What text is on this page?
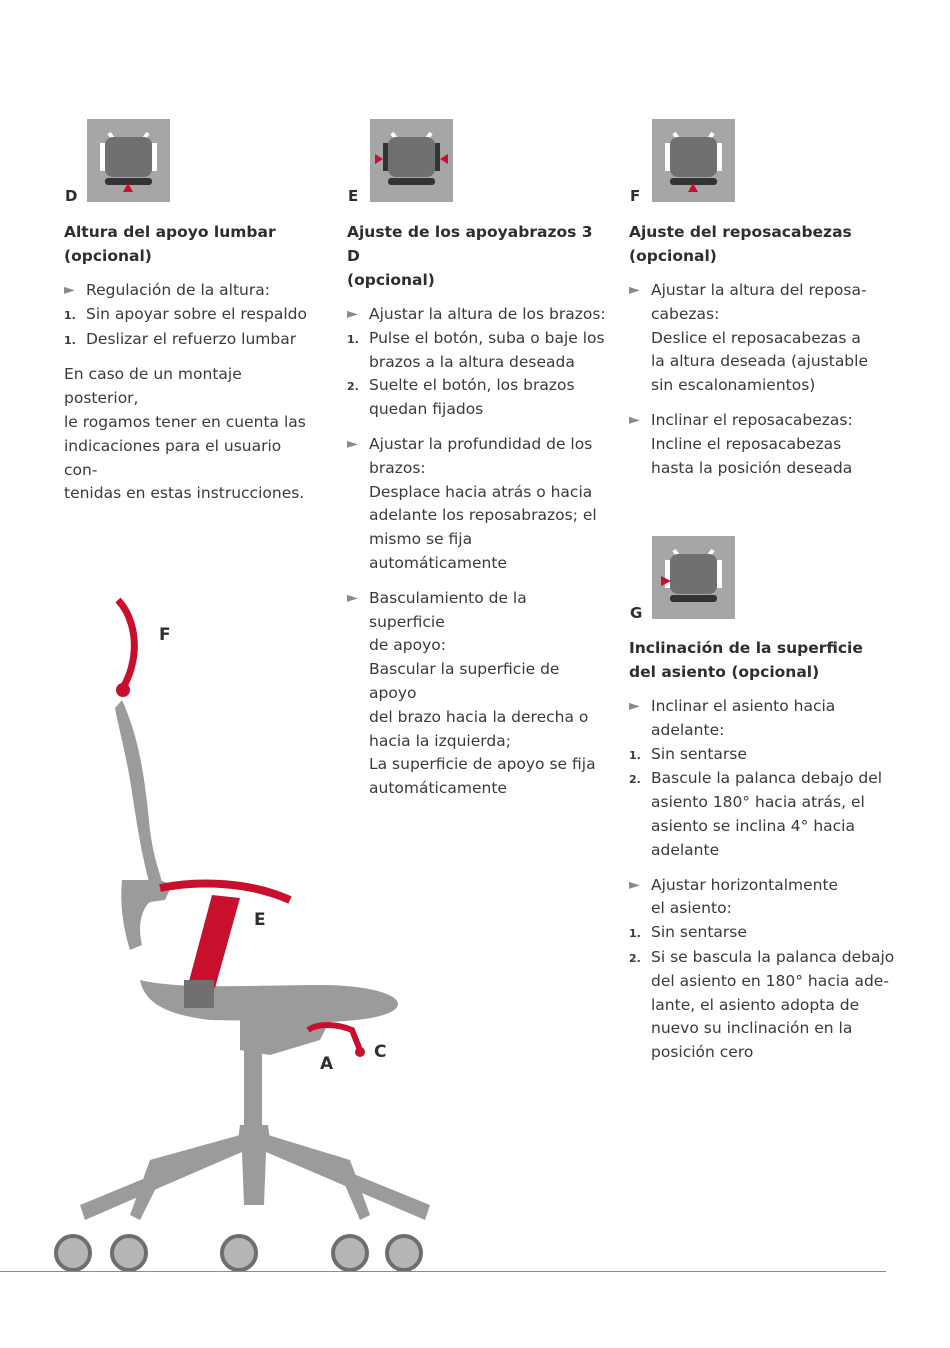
D
Altura del apoyo lumbar
(opcional)
► Regulación de la altura:
1. Sin apoyar sobre el respaldo
1. Deslizar el refuerzo lumbar
En caso de un montaje posterior,
le rogamos tener en cuenta las
indicaciones para el usuario con-
tenidas en estas instrucciones.
E
Ajuste de los apoyabrazos 3 D
(opcional)
► Ajustar la altura de los brazos:
1. Pulse el botón, suba o baje los
brazos a la altura deseada
2. Suelte el botón, los brazos
quedan fijados
► Ajustar la profundidad de los
brazos:
Desplace hacia atrás o hacia
adelante los reposabrazos; el
mismo se fija automáticamente
► Basculamiento de la superficie
de apoyo:
Bascular la superficie de apoyo
del brazo hacia la derecha o
hacia la izquierda;
La superficie de apoyo se fija
automáticamente
F
Ajuste del reposacabezas
(opcional)
► Ajustar la altura del reposa-
cabezas:
Deslice el reposacabezas a
la altura deseada (ajustable
sin escalonamientos)
► Inclinar el reposacabezas:
Incline el reposacabezas
hasta la posición deseada
G
Inclinación de la superficie
del asiento (opcional)
► Inclinar el asiento hacia
adelante:
1. Sin sentarse
2. Bascule la palanca debajo del
asiento 180° hacia atrás, el
asiento se inclina 4° hacia
adelante
► Ajustar horizontalmente
el asiento:
1. Sin sentarse
2. Si se bascula la palanca debajo
del asiento en 180° hacia ade-
lante, el asiento adopta de
nuevo su inclinación en la
posición cero
F
E
A
C
